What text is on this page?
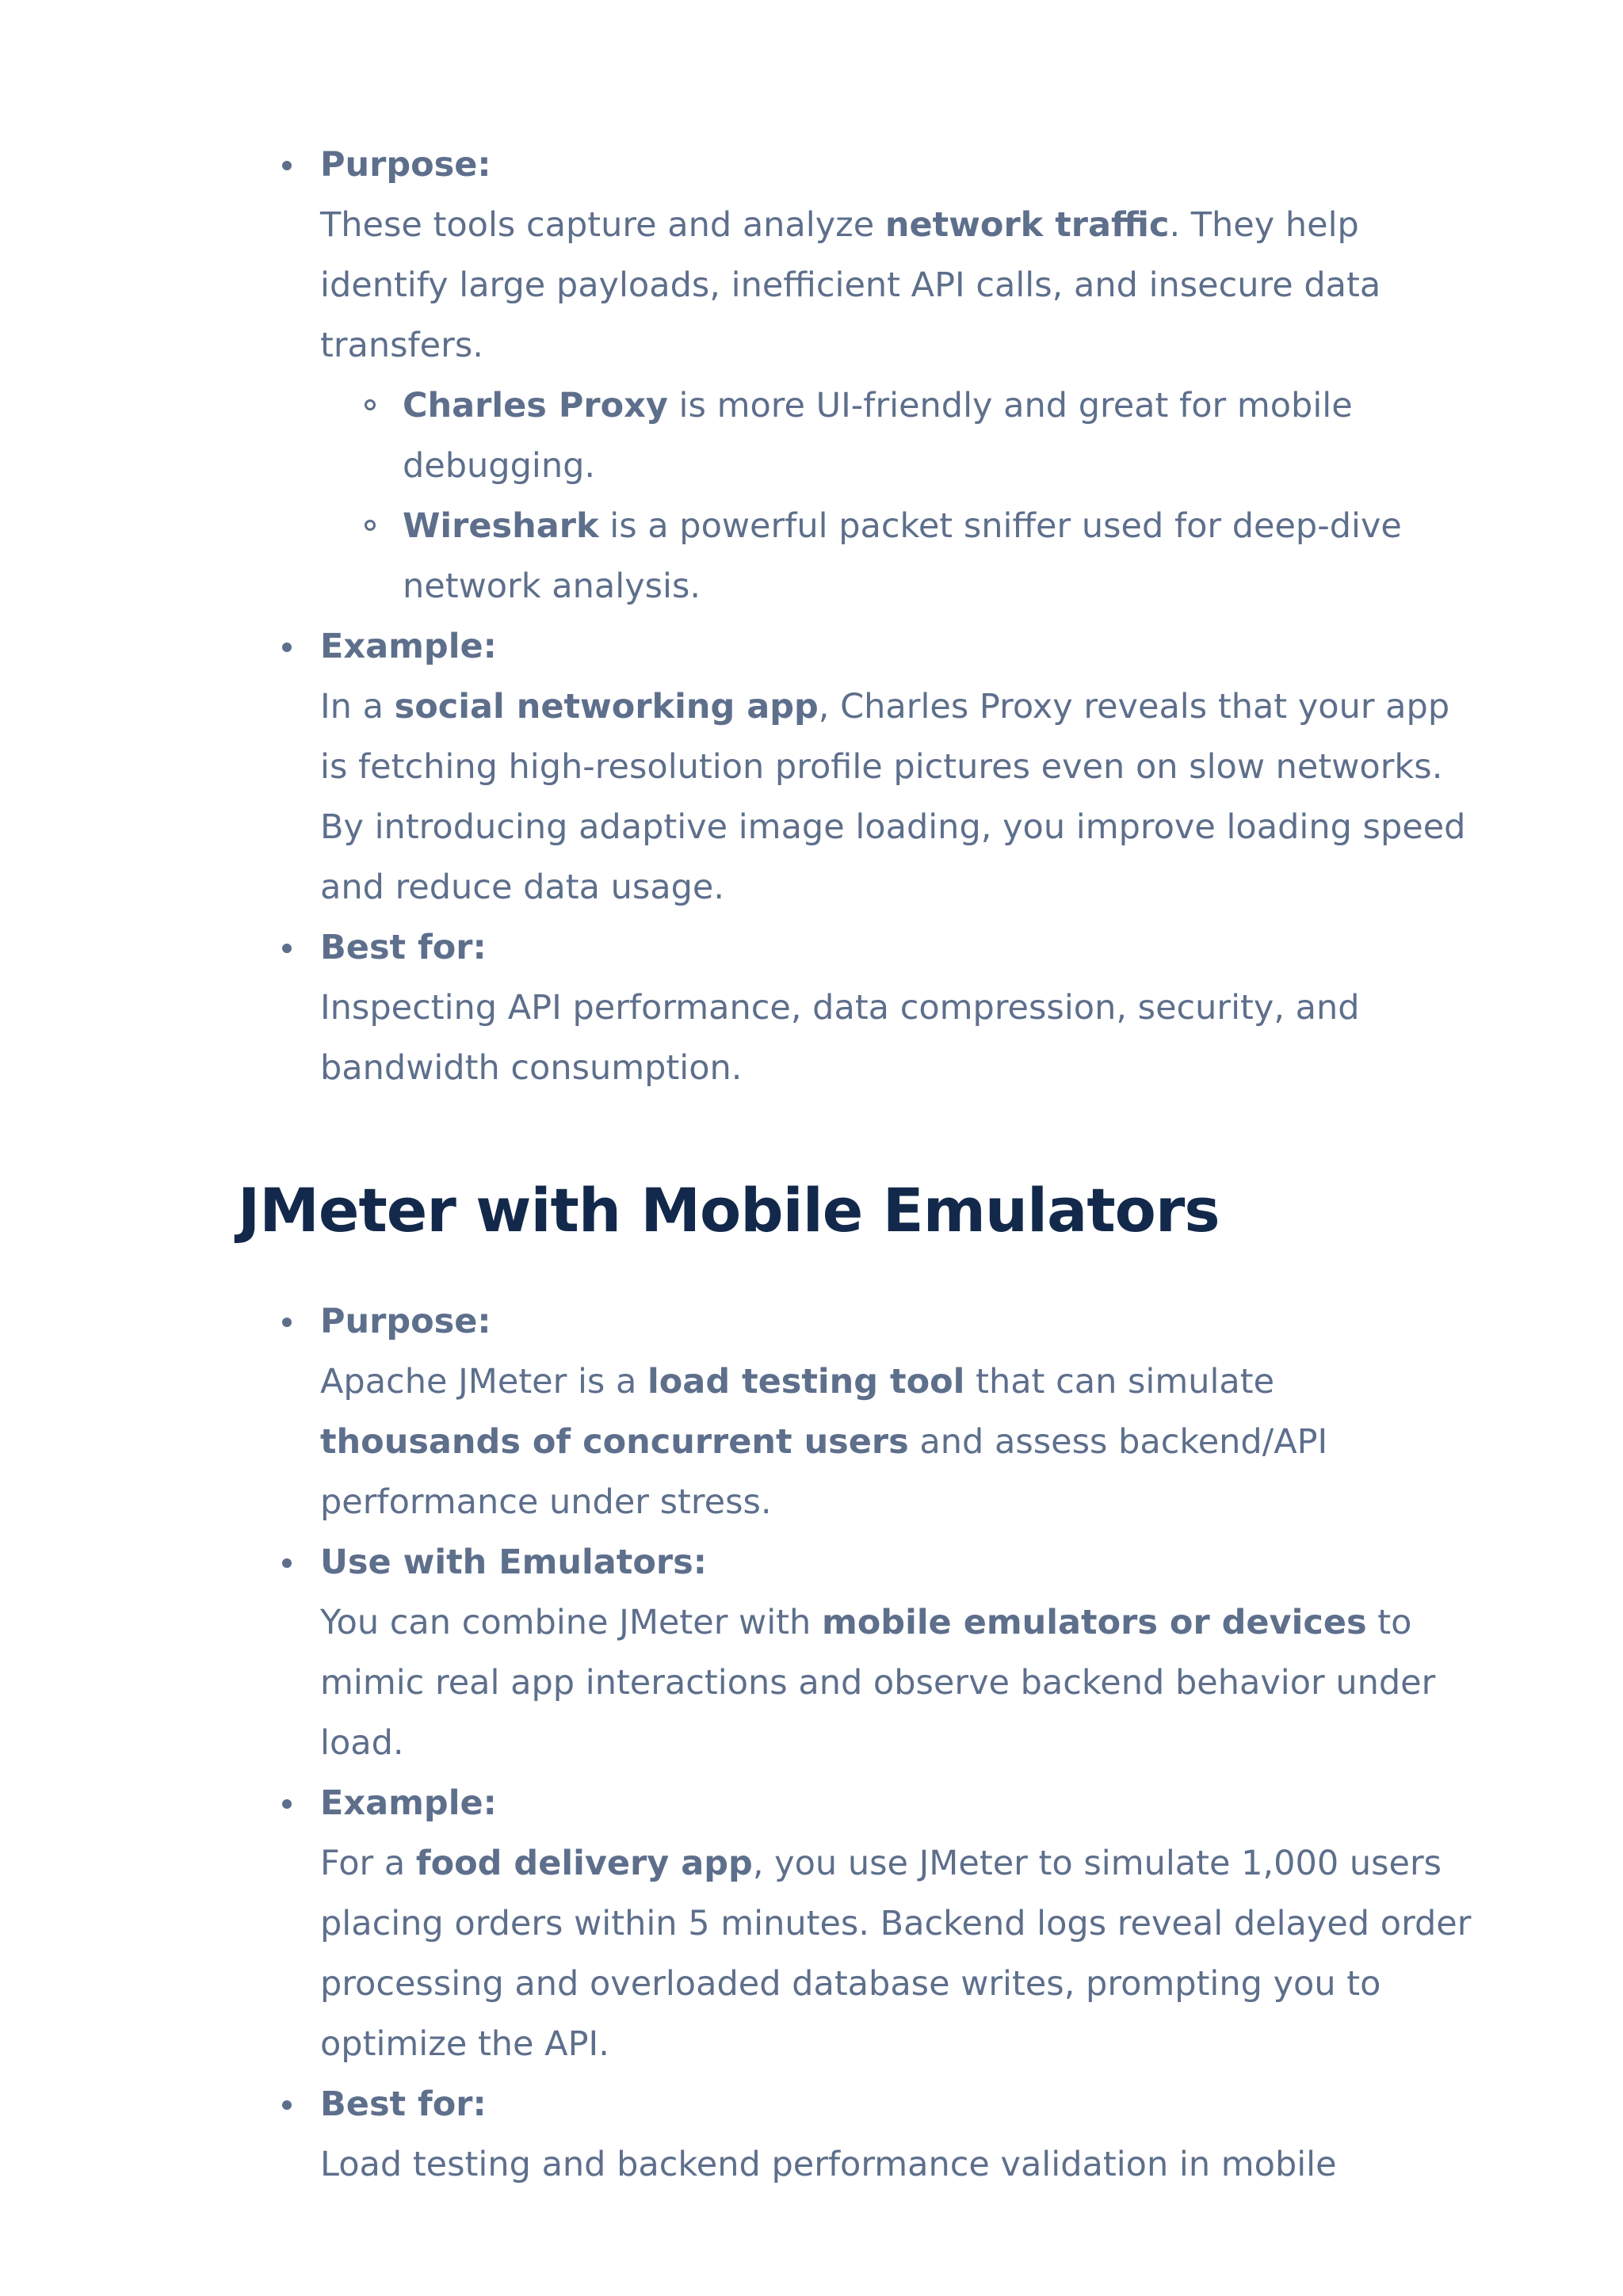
Purpose:
These tools capture and analyze network traffic. They help identify large payloads, inefficient API calls, and insecure data transfers.
Charles Proxy is more UI-friendly and great for mobile debugging.
Wireshark is a powerful packet sniffer used for deep-dive network analysis.
Example:
In a social networking app, Charles Proxy reveals that your app is fetching high-resolution profile pictures even on slow networks. By introducing adaptive image loading, you improve loading speed and reduce data usage.
Best for:
Inspecting API performance, data compression, security, and bandwidth consumption.
JMeter with Mobile Emulators
Purpose:
Apache JMeter is a load testing tool that can simulate thousands of concurrent users and assess backend/API performance under stress.
Use with Emulators:
You can combine JMeter with mobile emulators or devices to mimic real app interactions and observe backend behavior under load.
Example:
For a food delivery app, you use JMeter to simulate 1,000 users placing orders within 5 minutes. Backend logs reveal delayed order processing and overloaded database writes, prompting you to optimize the API.
Best for:
Load testing and backend performance validation in mobile
